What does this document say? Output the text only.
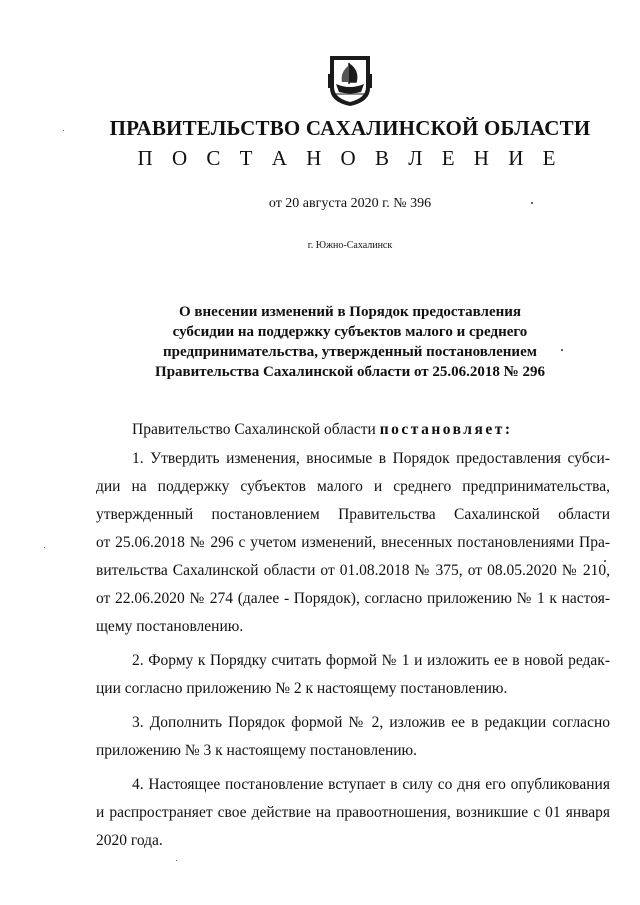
ПРАВИТЕЛЬСТВО САХАЛИНСКОЙ ОБЛАСТИ
П О С Т А Н О В Л Е Н И Е
от 20 августа 2020 г. № 396
г. Южно-Сахалинск
О внесении изменений в Порядок предоставления
субсидии на поддержку субъектов малого и среднего
предпринимательства, утвержденный постановлением
Правительства Сахалинской области от 25.06.2018 № 296

Правительство Сахалинской области постановляет:

1. Утвердить изменения, вносимые в Порядок предоставления субси-

дии на поддержку субъектов малого и среднего предпринимательства,
утвержденный постановлением Правительства Сахалинской области
от 25.06.2018 № 296 с учетом изменений, внесенных постановлениями Пра-
вительства Сахалинской области от 01.08.2018 № 375, от 08.05.2020 № 210,
от 22.06.2020 № 274 (далее - Порядок), согласно приложению № 1 к настоя-
щему постановлению.

2. Форму к Порядку считать формой № 1 и изложить ее в новой редак-

ции согласно приложению № 2 к настоящему постановлению.

3. Дополнить Порядок формой № 2, изложив ее в редакции согласно

приложению № 3 к настоящему постановлению.

4. Настоящее постановление вступает в силу со дня его опубликования

и распространяет свое действие на правоотношения, возникшие с 01 января
2020 года.
